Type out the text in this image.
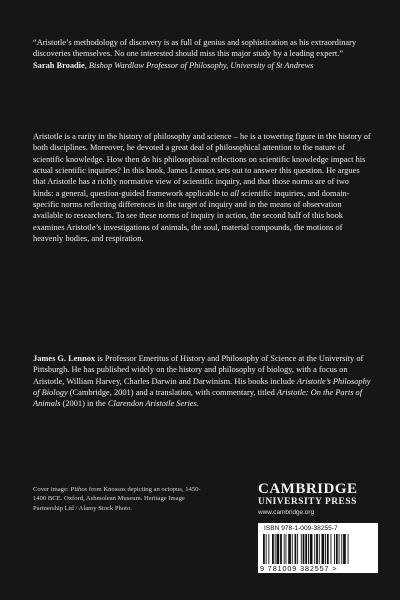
“Aristotle’s methodology of discovery is as full of genius and sophistication as his extraordinary discoveries themselves. No one interested should miss this major study by a leading expert.”

Sarah Broadie, Bishop Wardlaw Professor of Philosophy, University of St Andrews

Aristotle is a rarity in the history of philosophy and science – he is a towering figure in the history of both disciplines. Moreover, he devoted a great deal of philosophical attention to the nature of scientific knowledge. How then do his philosophical reflections on scientific knowledge impact his actual scientific inquiries? In this book, James Lennox sets out to answer this question. He argues that Aristotle has a richly normative view of scientific inquiry, and that those norms are of two kinds: a general, question-guided framework applicable to all scientific inquiries, and domain-specific norms reflecting differences in the target of inquiry and in the means of observation available to researchers. To see these norms of inquiry in action, the second half of this book examines Aristotle’s investigations of animals, the soul, material compounds, the motions of heavenly bodies, and respiration.

James G. Lennox is Professor Emeritus of History and Philosophy of Science at the University of Pittsburgh. He has published widely on the history and philosophy of biology, with a focus on Aristotle, William Harvey, Charles Darwin and Darwinism. His books include Aristotle’s Philosophy of Biology (Cambridge, 2001) and a translation, with commentary, titled Aristotle: On the Parts of Animals (2001) in the Clarendon Aristotle Series.

Cover image: Pithos from Knossos depicting an octopus, 1450-1400 BCE. Oxford, Ashmolean Museum. Heritage Image Partnership Ltd / Alamy Stock Photo.
CAMBRIDGE
UNIVERSITY PRESS
www.cambridge.org
ISBN 978-1-009-38255-7
9 781009 382557 >
